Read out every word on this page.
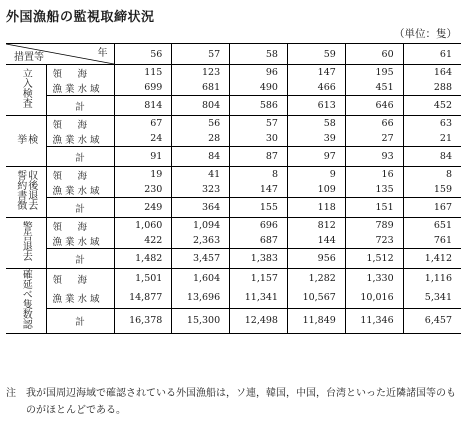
外国漁船の監視取締状況
（単位：隻）
年
措置等		56	57	58	59	60	61

立入検査	領　海	115	123	96	147	195	164
	漁業水域	699	681	490	466	451	288
	計	814	804	586	613	646	452

検
挙	領　海	67	56	57	58	66	63
	漁業水域	24	28	30	39	27	21
	計	91	84	87	97	93	84

収後退去
誓約書徴	領　海	19	41	8	9	16	8
	漁業水域	230	323	147	109	135	159
	計	249	364	155	118	151	167

警告退去	領　海	1,060	1,094	696	812	789	651
	漁業水域	422	2,363	687	144	723	761
	計	1,482	3,457	1,383	956	1,512	1,412

確延べ隻数認	領　海	1,501	1,604	1,157	1,282	1,330	1,116
	漁業水域	14,877	13,696	11,341	10,567	10,016	5,341
	計	16,378	15,300	12,498	11,849	11,346	6,457
注	我が国周辺海域で確認されている外国漁船は，ソ連，韓国，中国，台湾といった近隣諸国等のものがほとんどである。
